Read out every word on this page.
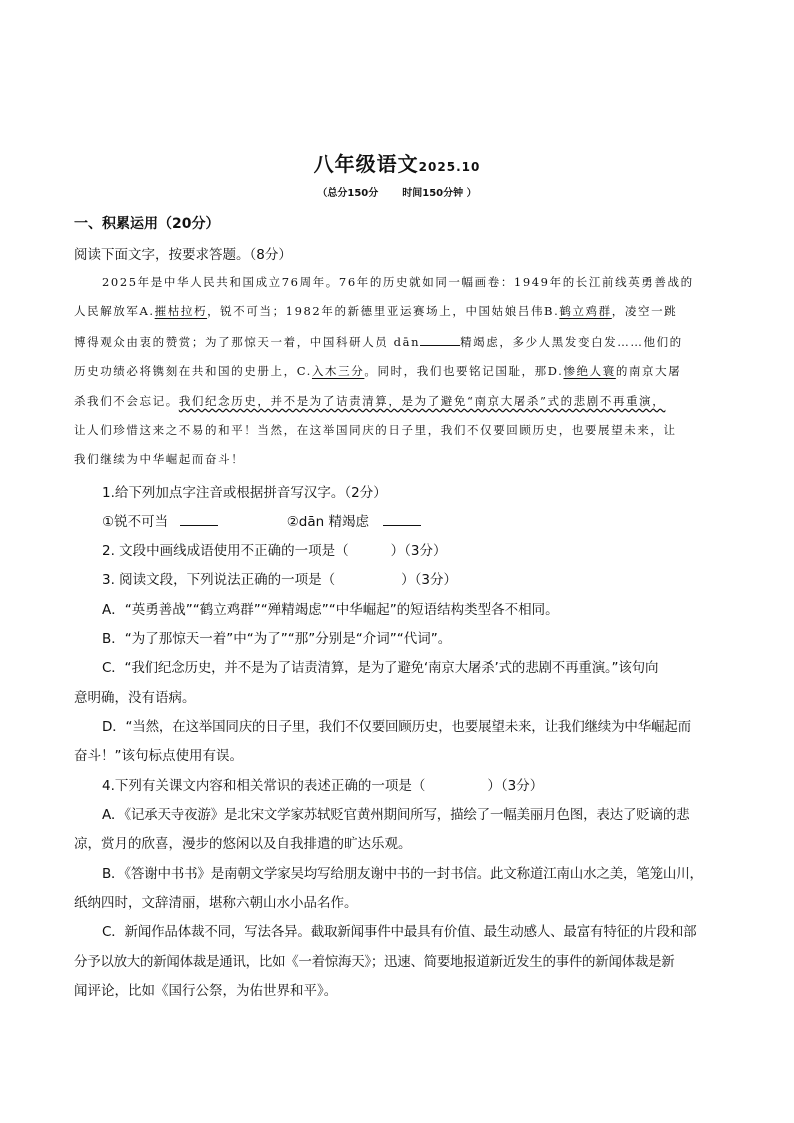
八年级语文2025.10
（总分150分 时间150分钟 ）
一、积累运用（20分）
阅读下面文字，按要求答题。（8分）
2025年是中华人民共和国成立76周年。76年的历史就如同一幅画卷：1949年的长江前线英勇善战的
人民解放军A.摧枯拉朽，锐不可当；1982年的新德里亚运赛场上，中国姑娘吕伟B.鹤立鸡群，凌空一跳
博得观众由衷的赞赏；为了那惊天一着，中国科研人员 dān	精竭虑，多少人黑发变白发……他们的
历史功绩必将镌刻在共和国的史册上，C.入木三分。同时，我们也要铭记国耻，那D.惨绝人寰的南京大屠
杀我们不会忘记。我们纪念历史，并不是为了诘责清算，是为了避免“南京大屠杀”式的悲剧不再重演，
让人们珍惜这来之不易的和平！当然，在这举国同庆的日子里，我们不仅要回顾历史，也要展望未来，让
我们继续为中华崛起而奋斗！
1.给下列加点字注音或根据拼音写汉字。（2分）
①锐不可当	②dān 精竭虑
2. 文段中画线成语使用不正确的一项是（	）（3分）
3. 阅读文段，下列说法正确的一项是（	）（3分）
A．“英勇善战”“鹤立鸡群”“殚精竭虑”“中华崛起”的短语结构类型各不相同。
B．“为了那惊天一着”中“为了”“那”分别是“介词”“代词”。
C．“我们纪念历史，并不是为了诘责清算，是为了避免‘南京大屠杀’式的悲剧不再重演。”该句向
意明确，没有语病。
D．“当然，在这举国同庆的日子里，我们不仅要回顾历史，也要展望未来，让我们继续为中华崛起而
奋斗！”该句标点使用有误。
4.下列有关课文内容和相关常识的表述正确的一项是（	）（3分）
A．《记承天寺夜游》是北宋文学家苏轼贬官黄州期间所写，描绘了一幅美丽月色图，表达了贬谪的悲
凉，赏月的欣喜，漫步的悠闲以及自我排遣的旷达乐观。
B．《答谢中书书》是南朝文学家吴均写给朋友谢中书的一封书信。此文称道江南山水之美，笔笼山川，
纸纳四时，文辞清丽，堪称六朝山水小品名作。
C．新闻作品体裁不同，写法各异。截取新闻事件中最具有价值、最生动感人、最富有特征的片段和部
分予以放大的新闻体裁是通讯，比如《一着惊海天》；迅速、简要地报道新近发生的事件的新闻体裁是新
闻评论，比如《国行公祭，为佑世界和平》。
